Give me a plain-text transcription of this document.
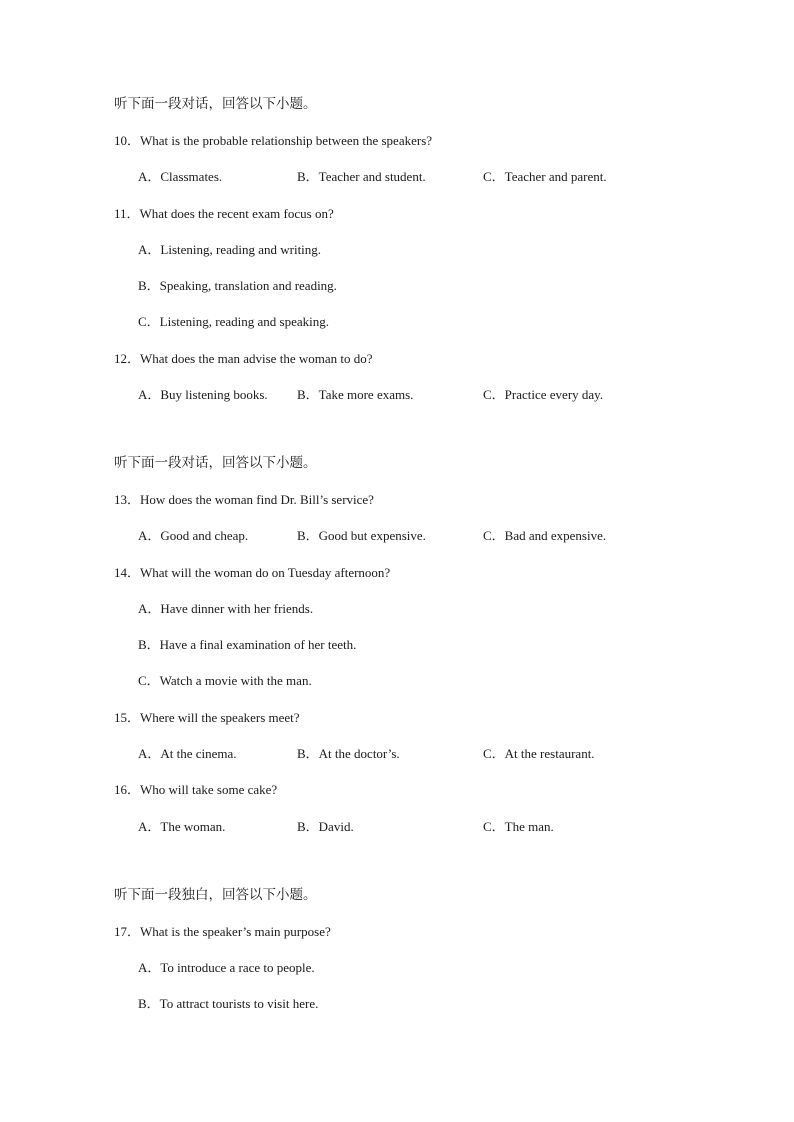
听下面一段对话，回答以下小题。
10．What is the probable relationship between the speakers?
A．Classmates.	B．Teacher and student.	C．Teacher and parent.
11．What does the recent exam focus on?
A．Listening, reading and writing.
B．Speaking, translation and reading.
C．Listening, reading and speaking.
12．What does the man advise the woman to do?
A．Buy listening books. B．Take more exams.	C．Practice every day.
听下面一段对话，回答以下小题。
13．How does the woman find Dr. Bill’s service?
A．Good and cheap.	B．Good but expensive.	C．Bad and expensive.
14．What will the woman do on Tuesday afternoon?
A．Have dinner with her friends.
B．Have a final examination of her teeth.
C．Watch a movie with the man.
15．Where will the speakers meet?
A．At the cinema.	B．At the doctor’s.	C．At the restaurant.
16．Who will take some cake?
A．The woman.	B．David.	C．The man.
听下面一段独白，回答以下小题。
17．What is the speaker’s main purpose?
A．To introduce a race to people.
B．To attract tourists to visit here.
